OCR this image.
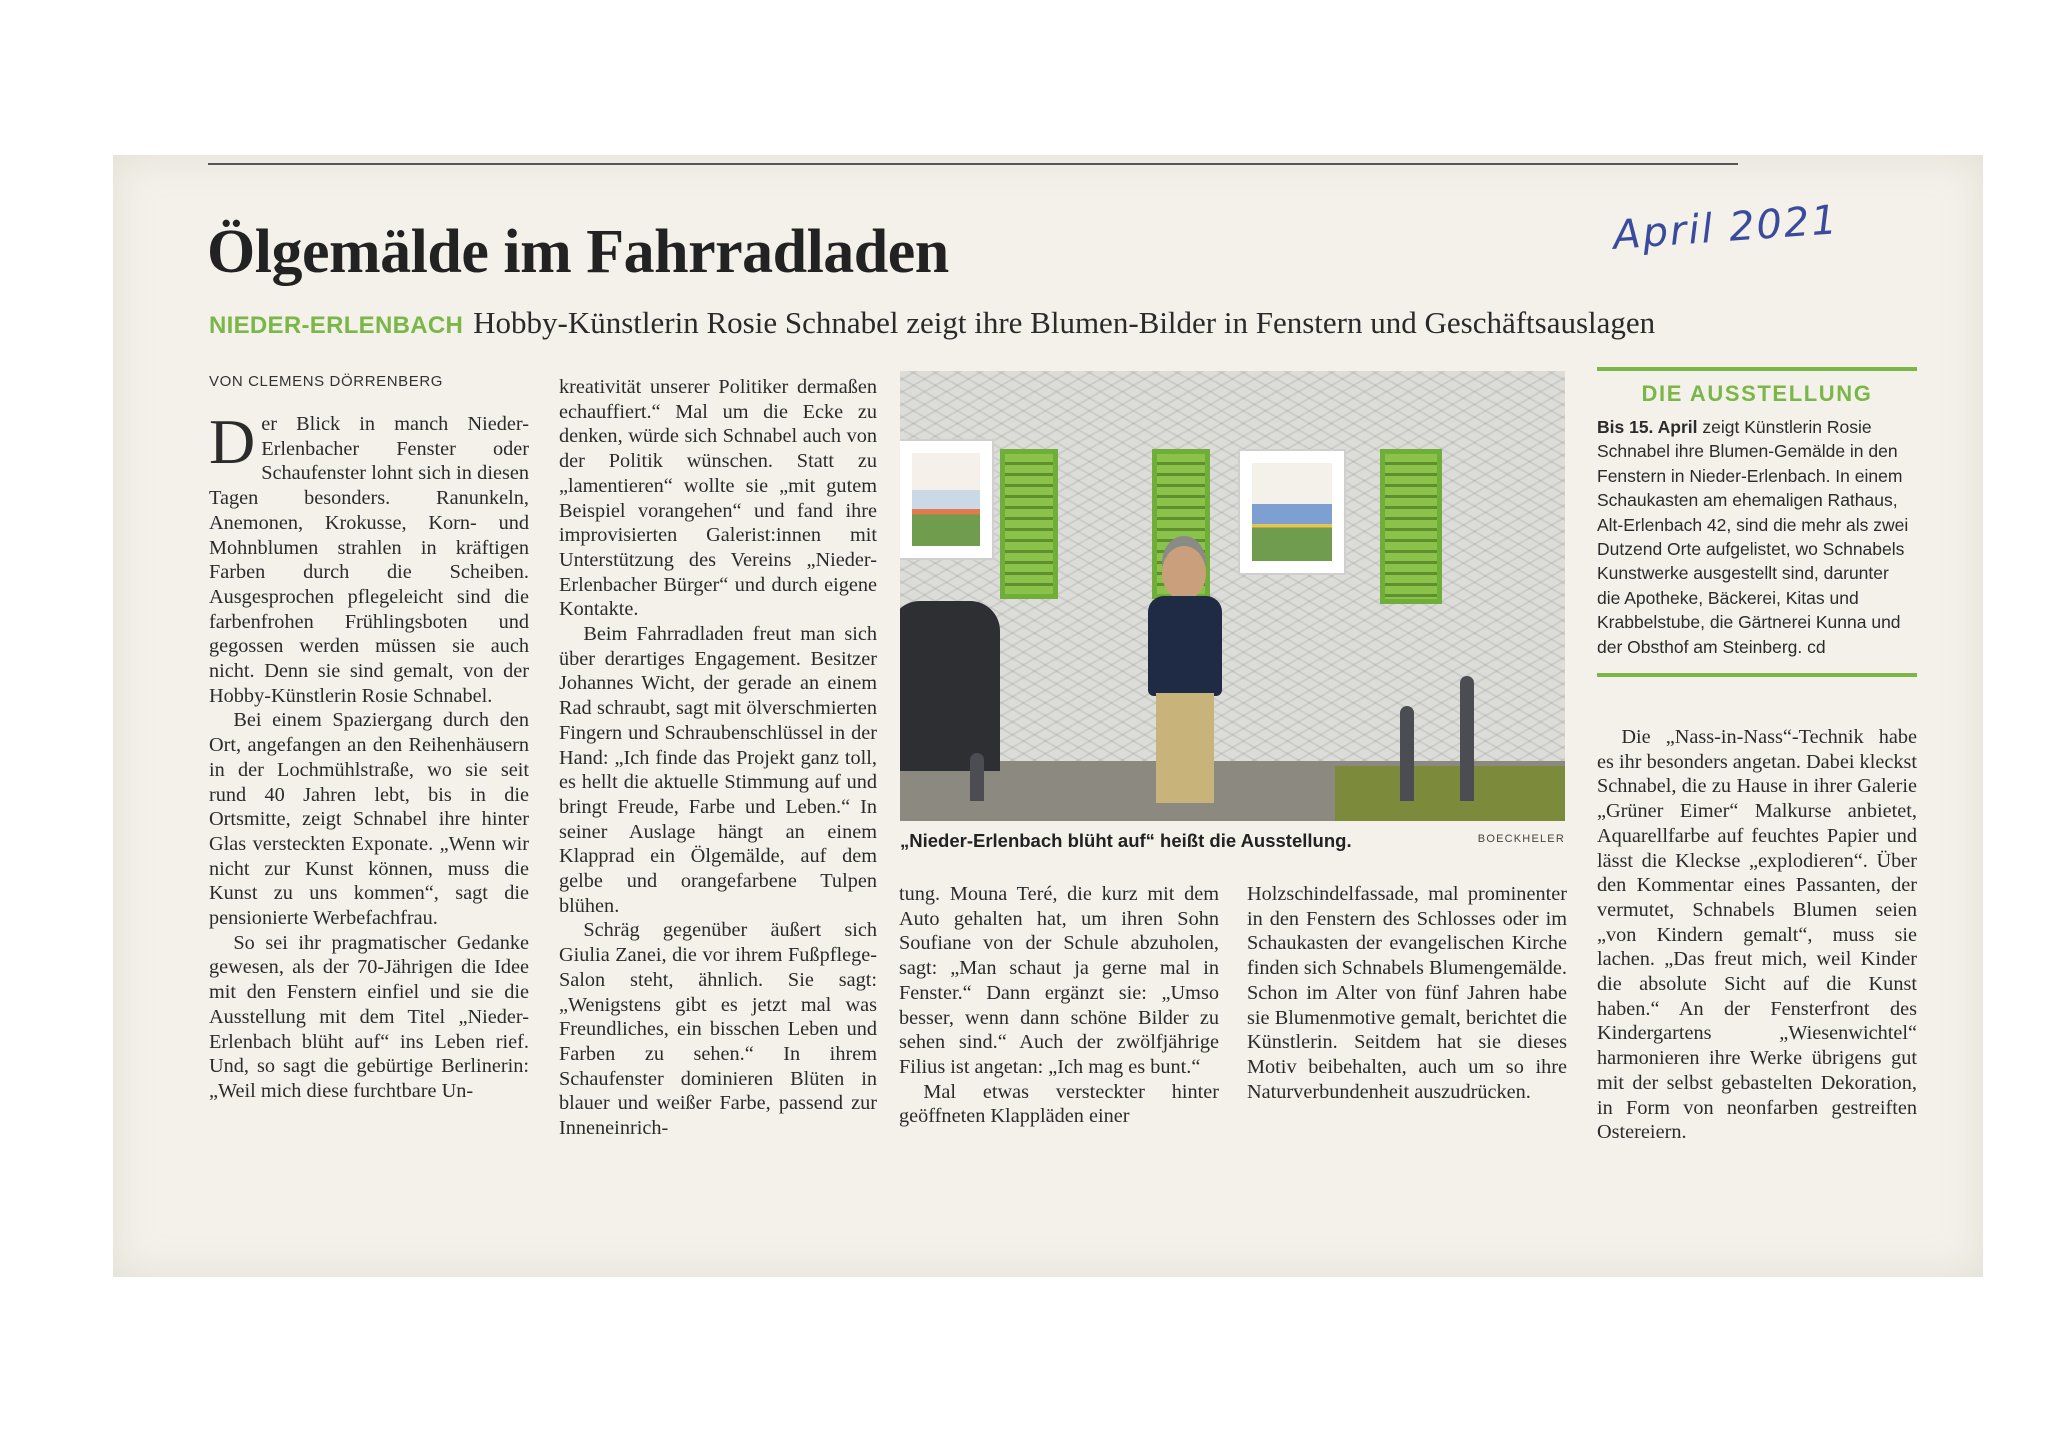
April 2021
Ölgemälde im Fahrradladen
NIEDER-ERLENBACH Hobby-Künstlerin Rosie Schnabel zeigt ihre Blumen-Bilder in Fenstern und Geschäftsauslagen
VON CLEMENS DÖRRENBERG

Der Blick in manch Nieder-Erlenbacher Fenster oder Schaufenster lohnt sich in diesen Tagen besonders. Ranunkeln, Anemonen, Krokusse, Korn- und Mohnblumen strahlen in kräftigen Farben durch die Scheiben. Ausgesprochen pflegeleicht sind die farbenfrohen Frühlingsboten und gegossen werden müssen sie auch nicht. Denn sie sind gemalt, von der Hobby-Künstlerin Rosie Schnabel.

Bei einem Spaziergang durch den Ort, angefangen an den Reihenhäusern in der Lochmühlstraße, wo sie seit rund 40 Jahren lebt, bis in die Ortsmitte, zeigt Schnabel ihre hinter Glas versteckten Exponate. „Wenn wir nicht zur Kunst können, muss die Kunst zu uns kommen“, sagt die pensionierte Werbefachfrau.

So sei ihr pragmatischer Gedanke gewesen, als der 70-Jährigen die Idee mit den Fenstern einfiel und sie die Ausstellung mit dem Titel „Nieder-Erlenbach blüht auf“ ins Leben rief. Und, so sagt die gebürtige Berlinerin: „Weil mich diese furchtbare Un-

kreativität unserer Politiker dermaßen echauffiert.“ Mal um die Ecke zu denken, würde sich Schnabel auch von der Politik wünschen. Statt zu „lamentieren“ wollte sie „mit gutem Beispiel vorangehen“ und fand ihre improvisierten Galerist:innen mit Unterstützung des Vereins „Nieder-Erlenbacher Bürger“ und durch eigene Kontakte.

Beim Fahrradladen freut man sich über derartiges Engagement. Besitzer Johannes Wicht, der gerade an einem Rad schraubt, sagt mit ölverschmierten Fingern und Schraubenschlüssel in der Hand: „Ich finde das Projekt ganz toll, es hellt die aktuelle Stimmung auf und bringt Freude, Farbe und Leben.“ In seiner Auslage hängt an einem Klapprad ein Ölgemälde, auf dem gelbe und orangefarbene Tulpen blühen.

Schräg gegenüber äußert sich Giulia Zanei, die vor ihrem Fußpflege-Salon steht, ähnlich. Sie sagt: „Wenigstens gibt es jetzt mal was Freundliches, ein bisschen Leben und Farben zu sehen.“ In ihrem Schaufenster dominieren Blüten in blauer und weißer Farbe, passend zur Inneneinrich-

„Nieder-Erlenbach blüht auf“ heißt die Ausstellung.	BOECKHELER

tung. Mouna Teré, die kurz mit dem Auto gehalten hat, um ihren Sohn Soufiane von der Schule abzuholen, sagt: „Man schaut ja gerne mal in Fenster.“ Dann ergänzt sie: „Umso besser, wenn dann schöne Bilder zu sehen sind.“ Auch der zwölfjährige Filius ist angetan: „Ich mag es bunt.“

Mal etwas versteckter hinter geöffneten Klappläden einer

Holzschindelfassade, mal prominenter in den Fenstern des Schlosses oder im Schaukasten der evangelischen Kirche finden sich Schnabels Blumengemälde. Schon im Alter von fünf Jahren habe sie Blumenmotive gemalt, berichtet die Künstlerin. Seitdem hat sie dieses Motiv beibehalten, auch um so ihre Naturverbundenheit auszudrücken.

DIE AUSSTELLUNG
Bis 15. April zeigt Künstlerin Rosie Schnabel ihre Blumen-Gemälde in den Fenstern in Nieder-Erlenbach. In einem Schaukasten am ehemaligen Rathaus, Alt-Erlenbach 42, sind die mehr als zwei Dutzend Orte aufgelistet, wo Schnabels Kunstwerke ausgestellt sind, darunter die Apotheke, Bäckerei, Kitas und Krabbelstube, die Gärtnerei Kunna und der Obsthof am Steinberg. cd

Die „Nass-in-Nass“-Technik habe es ihr besonders angetan. Dabei kleckst Schnabel, die zu Hause in ihrer Galerie „Grüner Eimer“ Malkurse anbietet, Aquarellfarbe auf feuchtes Papier und lässt die Kleckse „explodieren“. Über den Kommentar eines Passanten, der vermutet, Schnabels Blumen seien „von Kindern gemalt“, muss sie lachen. „Das freut mich, weil Kinder die absolute Sicht auf die Kunst haben.“ An der Fensterfront des Kindergartens „Wiesenwichtel“ harmonieren ihre Werke übrigens gut mit der selbst gebastelten Dekoration, in Form von neonfarben gestreiften Ostereiern.
